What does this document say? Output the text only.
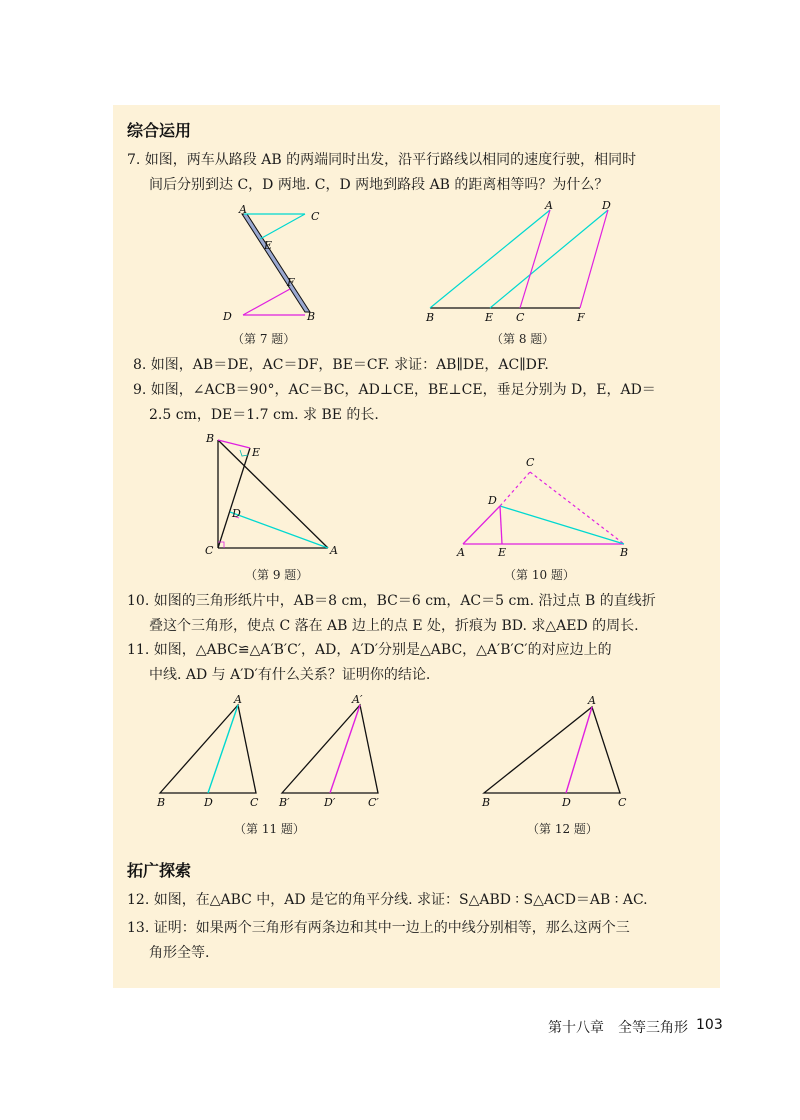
综合运用
7. 如图，两车从路段 AB 的两端同时出发，沿平行路线以相同的速度行驶，相同时
间后分别到达 C，D 两地. C，D 两地到路段 AB 的距离相等吗？为什么？
A
C
E
F
D	B
（第 7 题）
A	D
B	E C	F
（第 8 题）
8. 如图，AB＝DE，AC＝DF，BE＝CF. 求证：AB∥DE，AC∥DF.
9. 如图，∠ACB＝90°，AC＝BC，AD⊥CE，BE⊥CE，垂足分别为 D，E，AD＝
2.5 cm，DE＝1.7 cm. 求 BE 的长.
B
E
D
C	A
（第 9 题）
C
D
A	E	B
（第 10 题）
10. 如图的三角形纸片中，AB＝8 cm，BC＝6 cm，AC＝5 cm. 沿过点 B 的直线折
叠这个三角形，使点 C 落在 AB 边上的点 E 处，折痕为 BD. 求△AED 的周长.
11. 如图，△ABC≌△A′B′C′，AD，A′D′分别是△ABC，△A′B′C′的对应边上的
中线. AD 与 A′D′有什么关系？证明你的结论.
A
B	D	C
A′
B′	D′	C′
（第 11 题）
A
B	D	C
（第 12 题）
拓广探索
12. 如图，在△ABC 中，AD 是它的角平分线. 求证：S△ABD ∶ S△ACD＝AB ∶ AC.
13. 证明：如果两个三角形有两条边和其中一边上的中线分别相等，那么这两个三
角形全等.
第十八章　全等三角形 103
